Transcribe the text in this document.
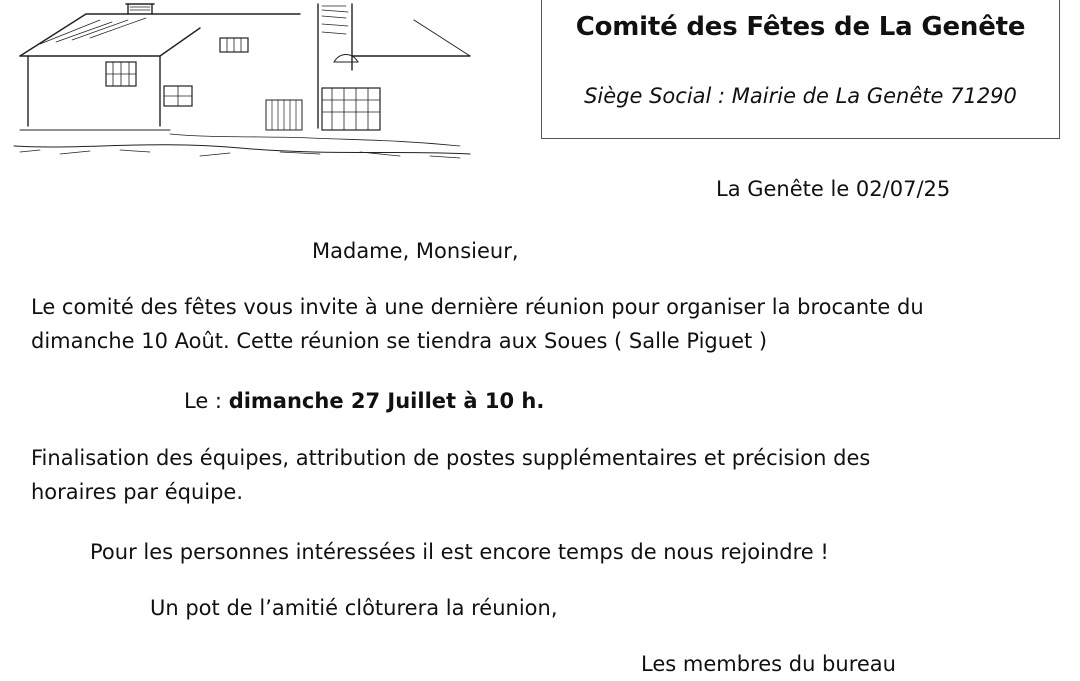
Comité des Fêtes de La Genête
Siège Social : Mairie de La Genête 71290
La Genête le 02/07/25
Madame, Monsieur,
Le comité des fêtes vous invite à une dernière réunion pour organiser la brocante du
dimanche 10 Août. Cette réunion se tiendra aux Soues ( Salle Piguet )
Le : dimanche 27 Juillet à 10 h.
Finalisation des équipes, attribution de postes supplémentaires et précision des
horaires par équipe.
Pour les personnes intéressées il est encore temps de nous rejoindre !
Un pot de l’amitié clôturera la réunion,
Les membres du bureau
